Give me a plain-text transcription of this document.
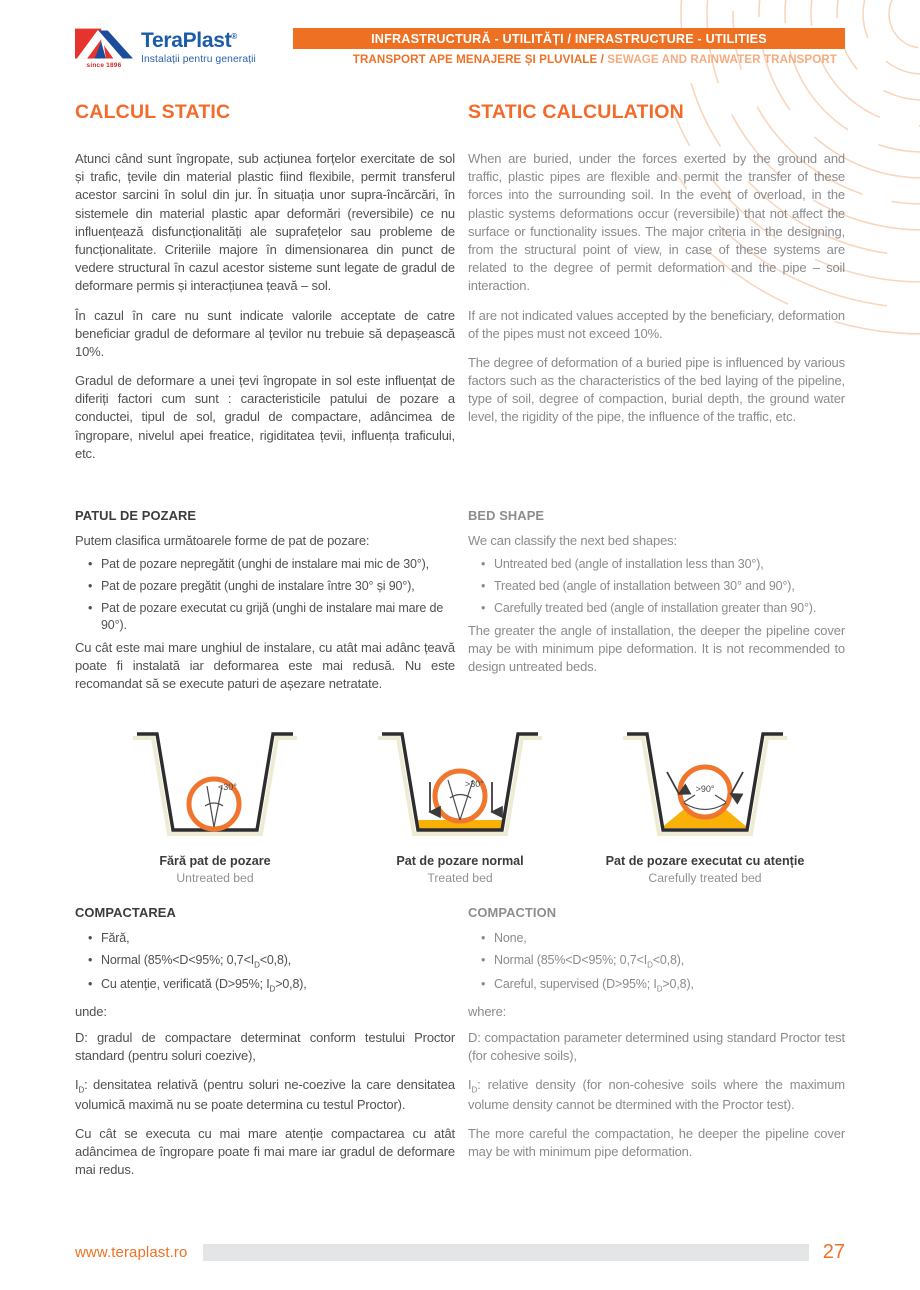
since 1896
TeraPlast®
Instalații pentru generații
INFRASTRUCTURĂ - UTILITĂȚI / INFRASTRUCTURE - UTILITIES
TRANSPORT APE MENAJERE ȘI PLUVIALE / SEWAGE AND RAINWATER TRANSPORT
CALCUL STATIC	STATIC CALCULATION

Atunci când sunt îngropate, sub acțiunea forțelor exercitate de sol și trafic, țevile din material plastic fiind flexibile, permit transferul acestor sarcini în solul din jur. În situația unor supra-încărcări, în sistemele din material plastic apar deformări (reversibile) ce nu influențează disfuncționalități ale suprafețelor sau probleme de funcționalitate. Criteriile majore în dimensionarea din punct de vedere structural în cazul acestor sisteme sunt legate de gradul de deformare permis și interacțiunea țeavă – sol.

În cazul în care nu sunt indicate valorile acceptate de catre beneficiar gradul de deformare al țevilor nu trebuie să depașească 10%.

Gradul de deformare a unei țevi îngropate in sol este influențat de diferiți factori cum sunt : caracteristicile patului de pozare a conductei, tipul de sol, gradul de compactare, adâncimea de îngropare, nivelul apei freatice, rigiditatea țevii, influența traficului, etc.

When are buried, under the forces exerted by the ground and traffic, plastic pipes are flexible and permit the transfer of these forces into the surrounding soil. In the event of overload, in the plastic systems deformations occur (reversibile) that not affect the surface or functionality issues. The major criteria in the designing, from the structural point of view, in case of these systems are related to the degree of permit deformation and the pipe – soil interaction.

If are not indicated values accepted by the beneficiary, deformation of the pipes must not exceed 10%.

The degree of deformation of a buried pipe is influenced by various factors such as the characteristics of the bed laying of the pipeline, type of soil, degree of compaction, burial depth, the ground water level, the rigidity of the pipe, the influence of the traffic, etc.

PATUL DE POZARE

Putem clasifica următoarele forme de pat de pozare:

• Pat de pozare nepregătit (unghi de instalare mai mic de 30°),
• Pat de pozare pregătit (unghi de instalare între 30° și 90°),
• Pat de pozare executat cu grijă (unghi de instalare mai mare de 90°).

Cu cât este mai mare unghiul de instalare, cu atât mai adânc țeavă poate fi instalată iar deformarea este mai redusă. Nu este recomandat să se execute paturi de așezare netratate.

BED SHAPE

We can classify the next bed shapes:

• Untreated bed (angle of installation less than 30°),
• Treated bed (angle of installation between 30° and 90°),
• Carefully treated bed (angle of installation greater than 90°).

The greater the angle of installation, the deeper the pipeline cover may be with minimum pipe deformation. It is not recommended to design untreated beds.

<30°
Fără pat de pozare
Untreated bed
>30°
Pat de pozare normal
Treated bed
>90°
Pat de pozare executat cu atenție
Carefully treated bed
COMPACTAREA
• Fără,
• Normal (85%<D<95%; $0,7<I_D<0,8$),
• Cu atenție, verificată (D>95%; $I_D>0,8$),
unde:

D: gradul de compactare determinat conform testului Proctor standard (pentru soluri coezive),

$I_D$: densitatea relativă (pentru soluri ne-coezive la care densitatea volumică maximă nu se poate determina cu testul Proctor).

Cu cât se executa cu mai mare atenție compactarea cu atât adâncimea de îngropare poate fi mai mare iar gradul de deformare mai redus.

COMPACTION
• None,
• Normal (85%<D<95%; $0,7<I_D<0,8$),
• Careful, supervised (D>95%; $I_D>0,8$),
where:

D: compactation parameter determined using standard Proctor test (for cohesive soils),

$I_D$: relative density (for non-cohesive soils where the maximum volume density cannot be dtermined with the Proctor test).

The more careful the compactation, he deeper the pipeline cover may be with minimum pipe deformation.

www.teraplast.ro	27
